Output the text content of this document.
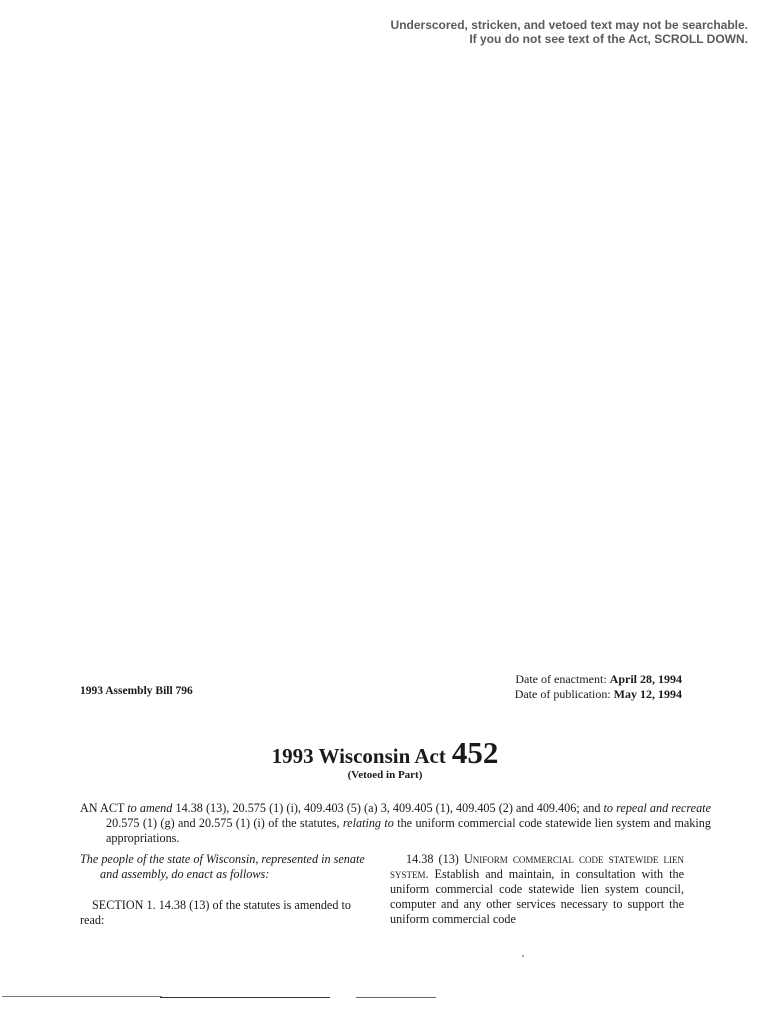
Underscored, stricken, and vetoed text may not be searchable.
If you do not see text of the Act, SCROLL DOWN.
1993 Assembly Bill 796
Date of enactment: April 28, 1994
Date of publication: May 12, 1994
1993 Wisconsin Act 452
(Vetoed in Part)
AN ACT to amend 14.38 (13), 20.575 (1) (i), 409.403 (5) (a) 3, 409.405 (1), 409.405 (2) and 409.406; and to repeal and recreate 20.575 (1) (g) and 20.575 (1) (i) of the statutes, relating to the uniform commercial code statewide lien system and making appropriations.

The people of the state of Wisconsin, represented in senate and assembly, do enact as follows:

SECTION 1. 14.38 (13) of the statutes is amended to read:

14.38 (13) Uniform commercial code statewide lien system. Establish and maintain, in consultation with the uniform commercial code statewide lien system council, computer and any other services necessary to support the uniform commercial code
